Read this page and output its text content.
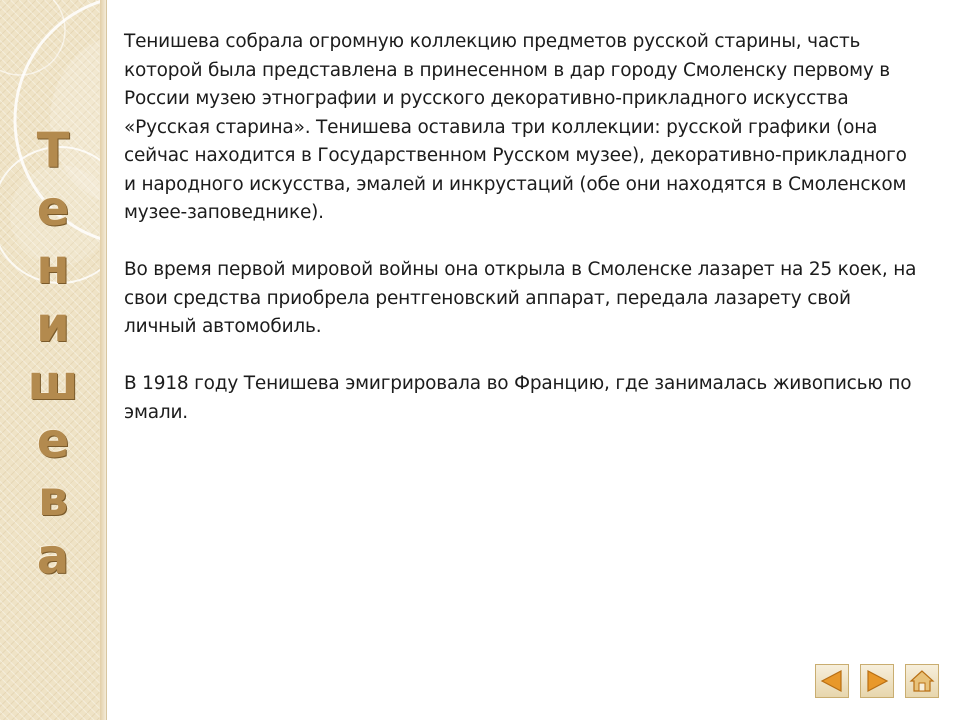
Т
е
н
и
ш
е
в
а

Тенишева собрала огромную коллекцию предметов русской старины, часть которой была представлена в принесенном в дар городу Смоленску первому в России музею этнографии и русского декоративно-прикладного искусства «Русская старина». Тенишева оставила три коллекции: русской графики (она сейчас находится в Государственном Русском музее), декоративно-прикладного и народного искусства, эмалей и инкрустаций (обе они находятся в Смоленском музее-заповеднике).

Во время первой мировой войны она открыла в Смоленске лазарет на 25 коек, на свои средства приобрела рентгеновский аппарат, передала лазарету свой личный автомобиль.

В 1918 году Тенишева эмигрировала во Францию, где занималась живописью по эмали.
